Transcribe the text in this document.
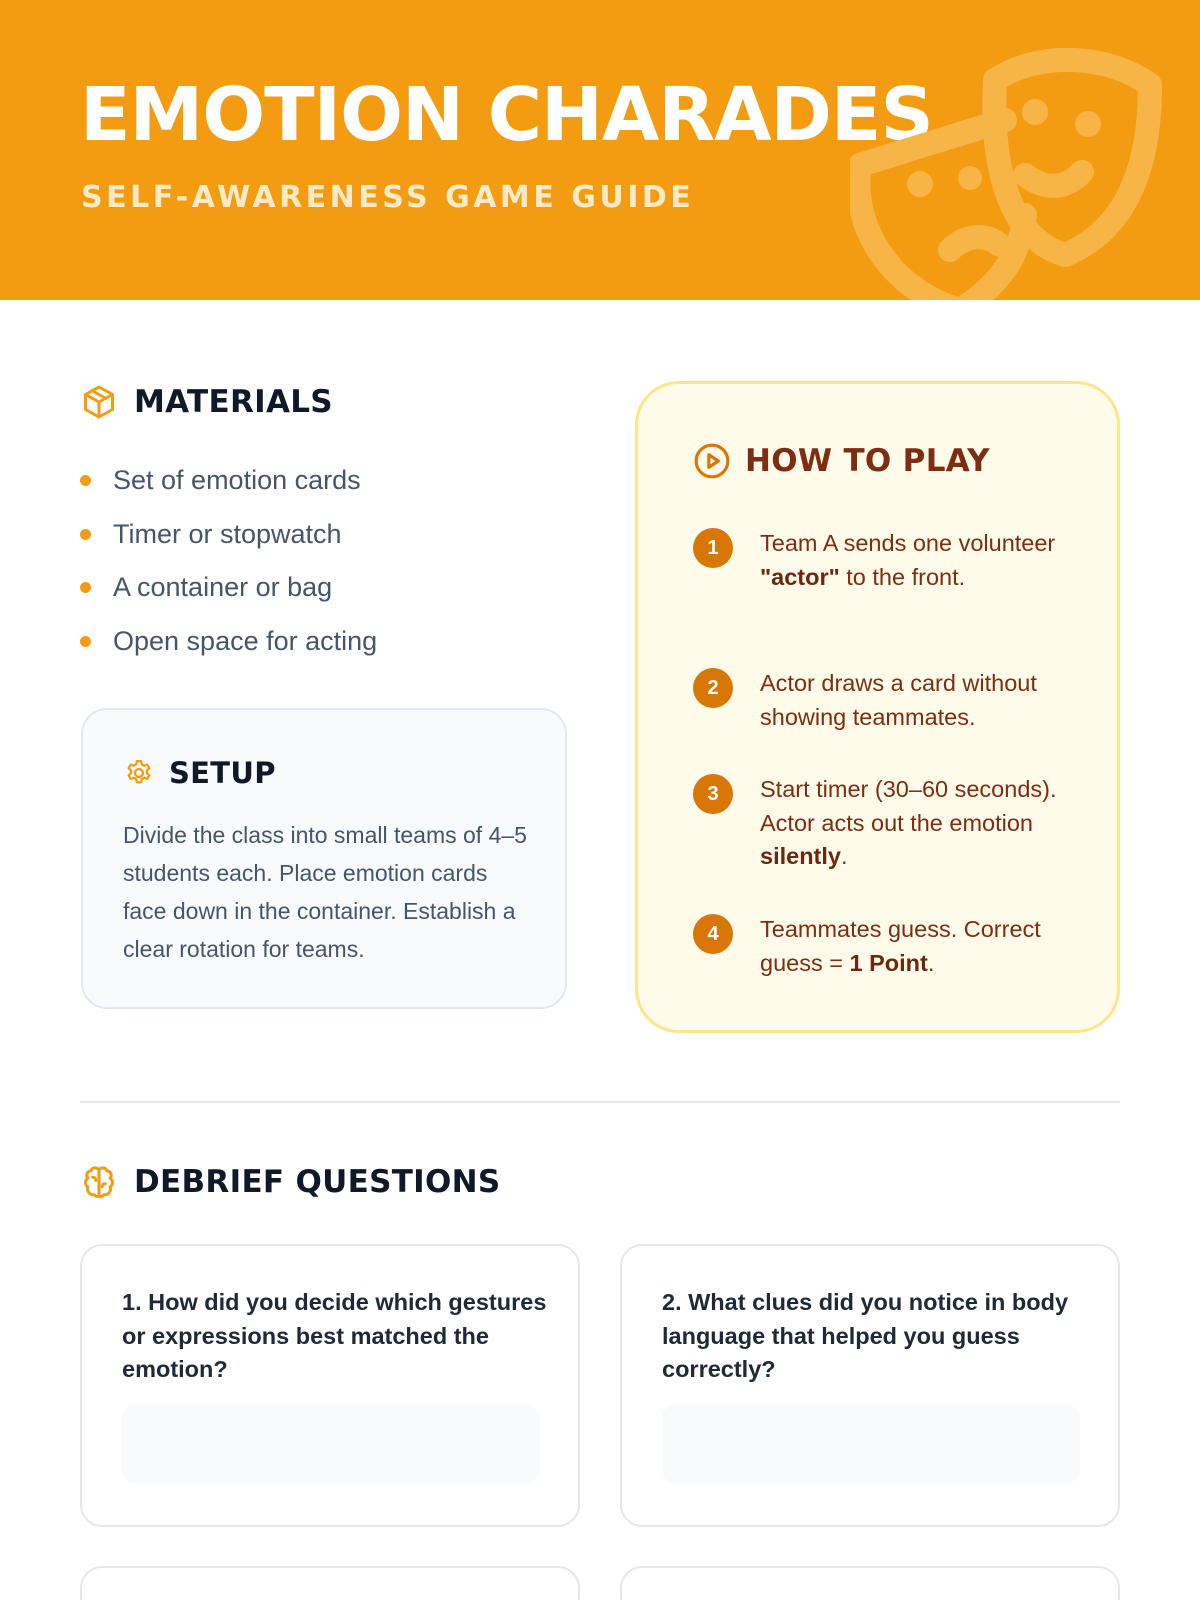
EMOTION CHARADES
SELF-AWARENESS GAME GUIDE
MATERIALS
Set of emotion cards
Timer or stopwatch
A container or bag
Open space for acting
SETUP

Divide the class into small teams of 4–5 students each. Place emotion cards face down in the container. Establish a clear rotation for teams.

HOW TO PLAY
1	Team A sends one volunteer "actor" to the front.
2	Actor draws a card without showing teammates.
3	Start timer (30–60 seconds). Actor acts out the emotion silently.
4	Teammates guess. Correct guess = 1 Point.
DEBRIEF QUESTIONS

1. How did you decide which gestures or expressions best matched the emotion?

2. What clues did you notice in body language that helped you guess correctly?
